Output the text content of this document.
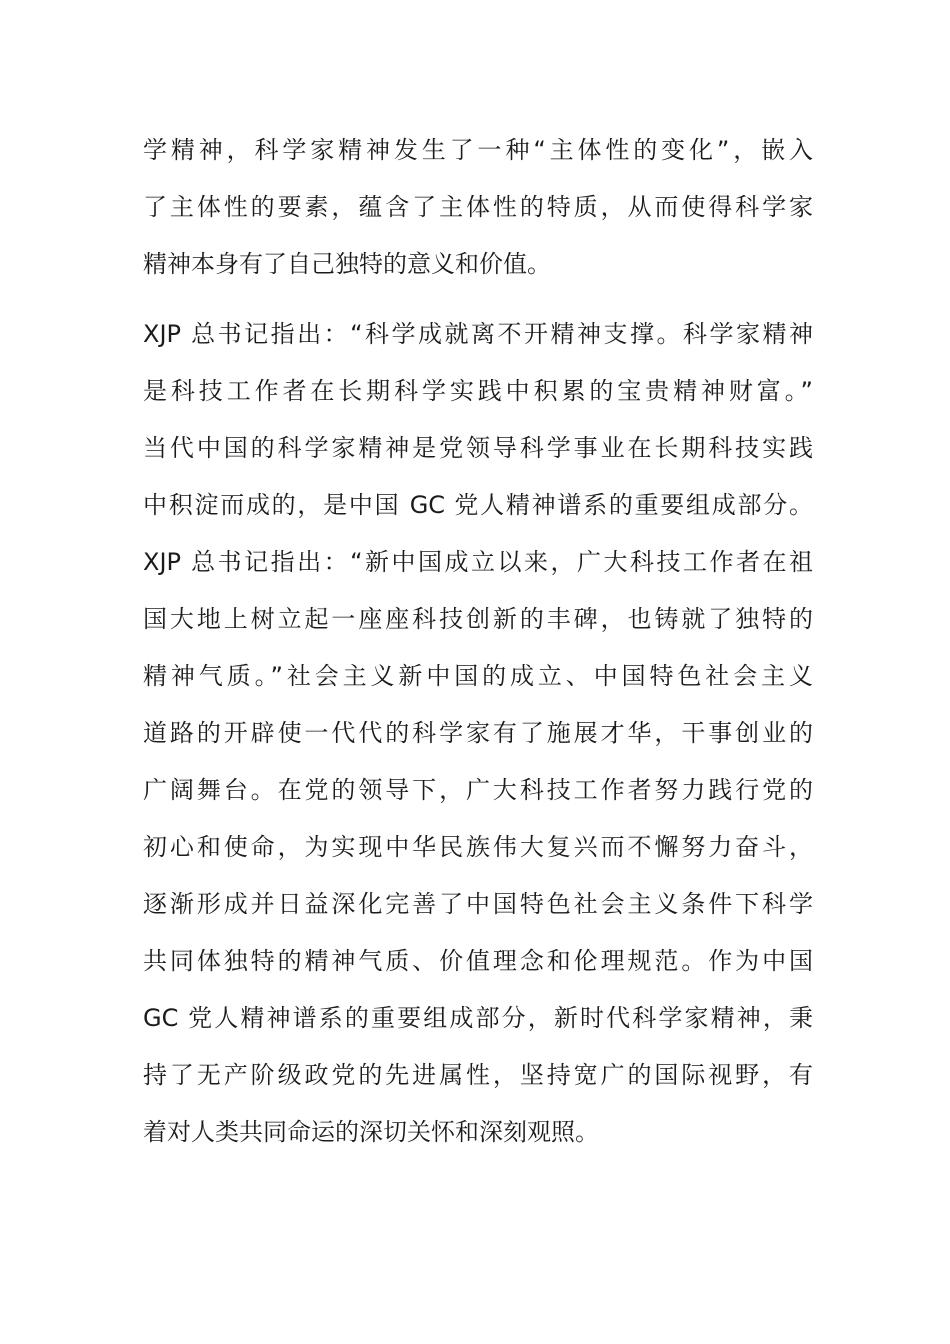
学精神，科学家精神发生了一种“主体性的变化”，嵌入
了主体性的要素，蕴含了主体性的特质，从而使得科学家
精神本身有了自己独特的意义和价值。
XJP 总书记指出：“科学成就离不开精神支撑。科学家精神
是科技工作者在长期科学实践中积累的宝贵精神财富。”
当代中国的科学家精神是党领导科学事业在长期科技实践
中积淀而成的，是中国 GC 党人精神谱系的重要组成部分。
XJP 总书记指出：“新中国成立以来，广大科技工作者在祖
国大地上树立起一座座科技创新的丰碑，也铸就了独特的
精神气质。”社会主义新中国的成立、中国特色社会主义
道路的开辟使一代代的科学家有了施展才华，干事创业的
广阔舞台。在党的领导下，广大科技工作者努力践行党的
初心和使命，为实现中华民族伟大复兴而不懈努力奋斗，
逐渐形成并日益深化完善了中国特色社会主义条件下科学
共同体独特的精神气质、价值理念和伦理规范。作为中国
GC 党人精神谱系的重要组成部分，新时代科学家精神，秉
持了无产阶级政党的先进属性，坚持宽广的国际视野，有
着对人类共同命运的深切关怀和深刻观照。
